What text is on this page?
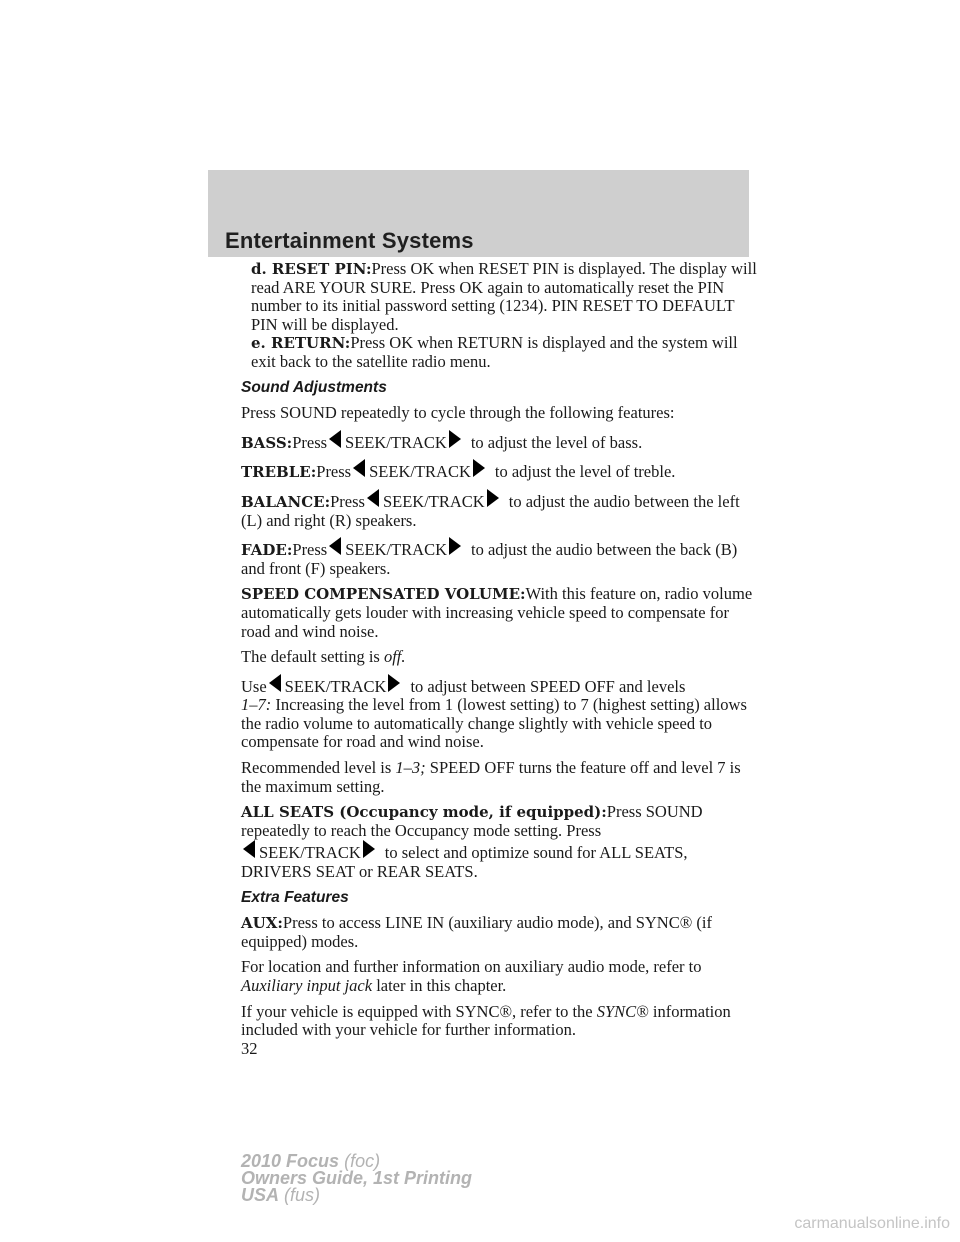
Entertainment Systems

d. RESET PIN:Press OK when RESET PIN is displayed. The display will read ARE YOUR SURE. Press OK again to automatically reset the PIN number to its initial password setting (1234). PIN RESET TO DEFAULT PIN will be displayed.

e. RETURN:Press OK when RETURN is displayed and the system will exit back to the satellite radio menu.

Sound Adjustments

Press SOUND repeatedly to cycle through the following features:

BASS:Press SEEK/TRACK to adjust the level of bass.

TREBLE:Press SEEK/TRACK to adjust the level of treble.

BALANCE:Press SEEK/TRACK to adjust the audio between the left (L) and right (R) speakers.

FADE:Press SEEK/TRACK to adjust the audio between the back (B) and front (F) speakers.

SPEED COMPENSATED VOLUME:With this feature on, radio volume automatically gets louder with increasing vehicle speed to compensate for road and wind noise.

The default setting is off.

Use SEEK/TRACK to adjust between SPEED OFF and levels
1–7: Increasing the level from 1 (lowest setting) to 7 (highest setting) allows the radio volume to automatically change slightly with vehicle speed to compensate for road and wind noise.

Recommended level is 1–3; SPEED OFF turns the feature off and level 7 is the maximum setting.

ALL SEATS (Occupancy mode, if equipped):Press SOUND repeatedly to reach the Occupancy mode setting. Press
SEEK/TRACK to select and optimize sound for ALL SEATS, DRIVERS SEAT or REAR SEATS.

Extra Features

AUX:Press to access LINE IN (auxiliary audio mode), and SYNC® (if equipped) modes.

For location and further information on auxiliary audio mode, refer to Auxiliary input jack later in this chapter.

If your vehicle is equipped with SYNC®, refer to the SYNC® information included with your vehicle for further information.

32
2010 Focus (foc)
Owners Guide, 1st Printing
USA (fus)
carmanualsonline.info
